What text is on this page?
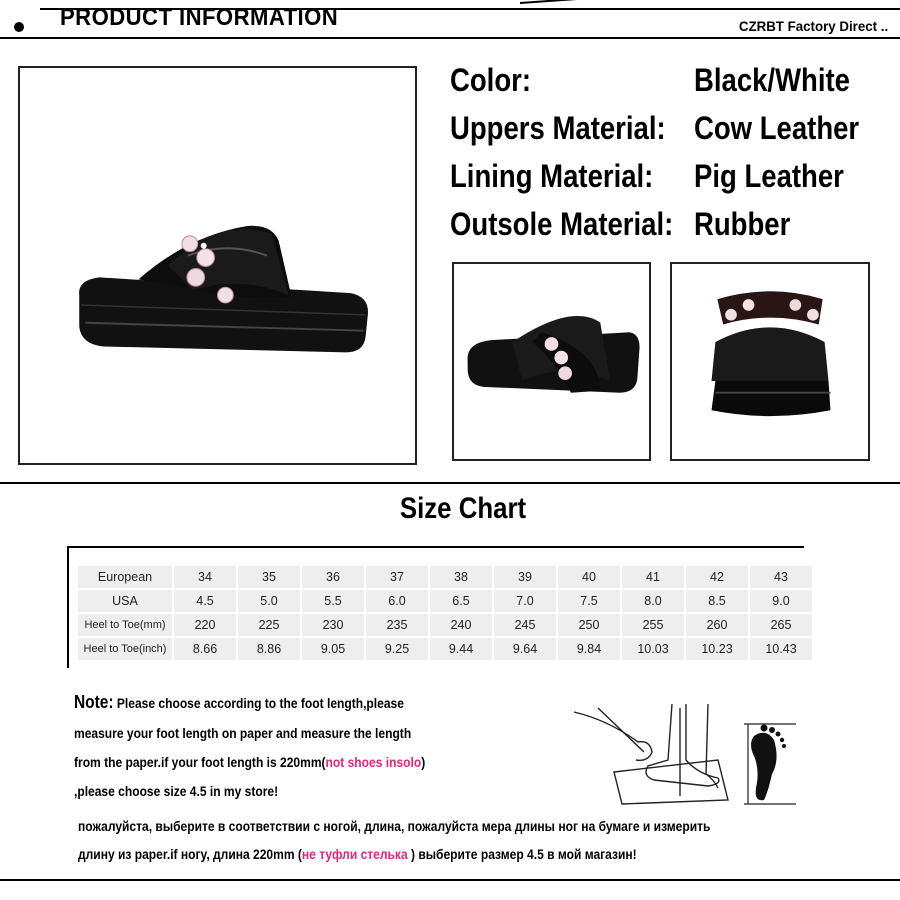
PRODUCT INFORMATION	CZRBT Factory Direct ..
Color:	Black/White
Uppers Material: Cow Leather
Lining Material: Pig Leather
Outsole Material: Rubber
Size Chart
European	34	35	36	37	38	39	40	41	42	43
USA	4.5	5.0	5.5	6.0	6.5	7.0	7.5	8.0	8.5	9.0
Heel to Toe(mm)	220	225	230	235	240	245	250	255	260	265
Heel to Toe(inch)	8.66	8.86	9.05	9.25	9.44	9.64	9.84	10.03	10.23	10.43
Note: Please choose according to the foot length,please
measure your foot length on paper and measure the length
from the paper.if your foot length is 220mm(not shoes insolo)
,please choose size 4.5 in my store!
пожалуйста, выберите в соответствии с ногой, длина, пожалуйста мера длины ног на бумаге и измерить
длину из paper.if ногу, длина 220mm (не туфли стелька ) выберите размер 4.5 в мой магазин!
